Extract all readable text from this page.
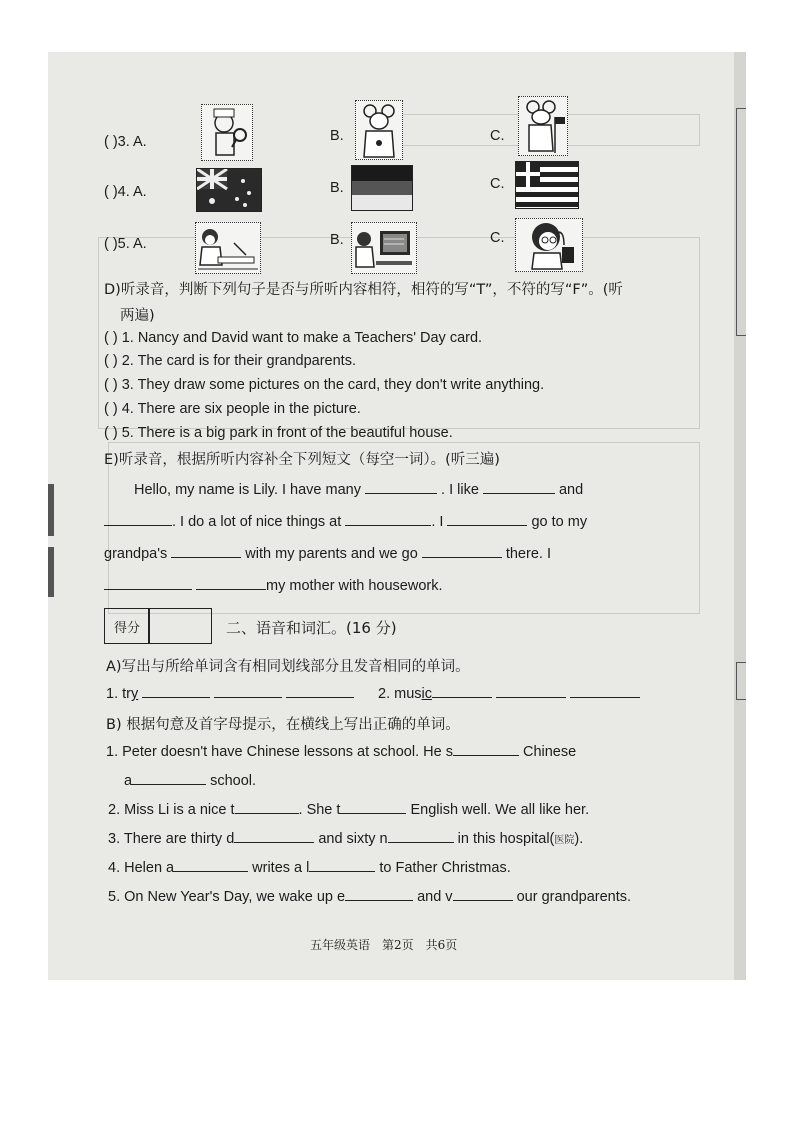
( )3. A.	B.	C.
( )4. A.	B.	C.
( )5. A.	B.	C.
D)听录音，判断下列句子是否与所听内容相符，相符的写“T”，不符的写“F”。(听
两遍)
( ) 1. Nancy and David want to make a Teachers' Day card.
( ) 2. The card is for their grandparents.
( ) 3. They draw some pictures on the card, they don't write anything.
( ) 4. There are six people in the picture.
( ) 5. There is a big park in front of the beautiful house.
E)听录音，根据所听内容补全下列短文（每空一词）。(听三遍)
Hello, my name is Lily. I have many	. I like	and
. I do a lot of nice things at	. I	go to my
grandpa's	with my parents and we go	there. I
my mother with housework.
得分	二、语音和词汇。(16 分)
A)写出与所给单词含有相同划线部分且发音相同的单词。
1. try	2. music
B) 根据句意及首字母提示，在横线上写出正确的单词。
1. Peter doesn't have Chinese lessons at school. He s	Chinese
a	school.
2. Miss Li is a nice t	. She t	English well. We all like her.
3. There are thirty d	and sixty n	in this hospital(医院).
4. Helen a	writes a l	to Father Christmas.
5. On New Year's Day, we wake up e	and v	our grandparents.
五年级英语　第2页　共6页
